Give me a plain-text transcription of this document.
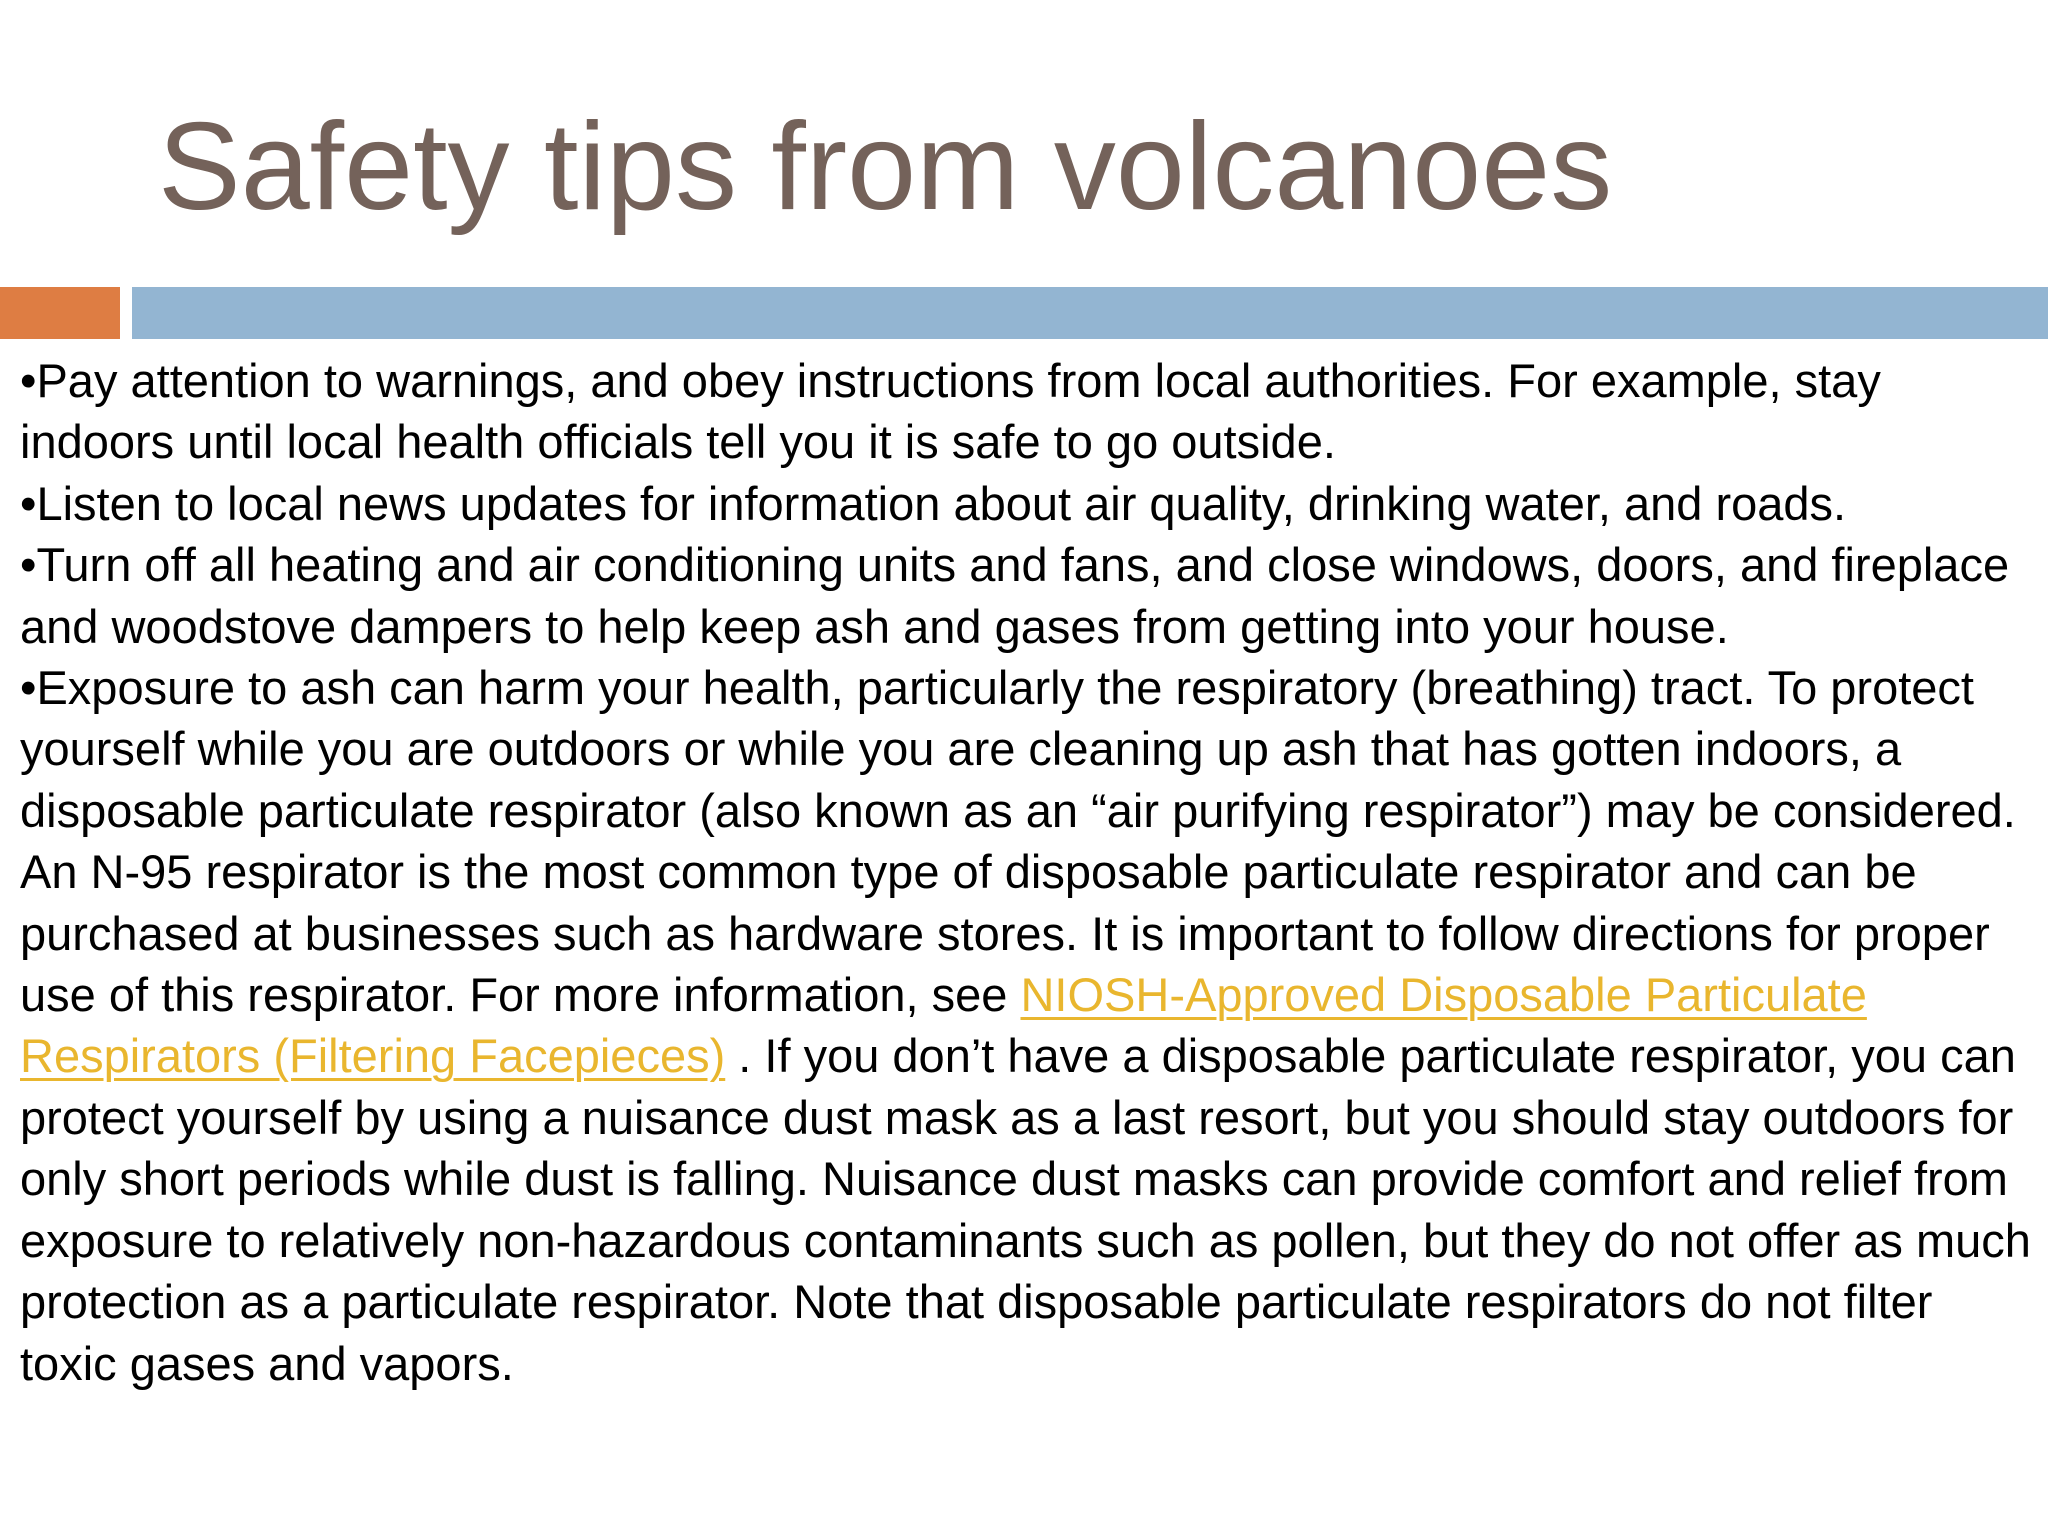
Safety tips from volcanoes

•Pay attention to warnings, and obey instructions from local authorities. For example, stay indoors until local health officials tell you it is safe to go outside.

•Listen to local news updates for information about air quality, drinking water, and roads.

•Turn off all heating and air conditioning units and fans, and close windows, doors, and fireplace and woodstove dampers to help keep ash and gases from getting into your house.

•Exposure to ash can harm your health, particularly the respiratory (breathing) tract. To protect yourself while you are outdoors or while you are cleaning up ash that has gotten indoors, a disposable particulate respirator (also known as an “air purifying respirator”) may be considered. An N-95 respirator is the most common type of disposable particulate respirator and can be purchased at businesses such as hardware stores. It is important to follow directions for proper use of this respirator. For more information, see NIOSH-Approved Disposable Particulate Respirators (Filtering Facepieces) . If you don’t have a disposable particulate respirator, you can protect yourself by using a nuisance dust mask as a last resort, but you should stay outdoors for only short periods while dust is falling. Nuisance dust masks can provide comfort and relief from exposure to relatively non-hazardous contaminants such as pollen, but they do not offer as much protection as a particulate respirator. Note that disposable particulate respirators do not filter toxic gases and vapors.
